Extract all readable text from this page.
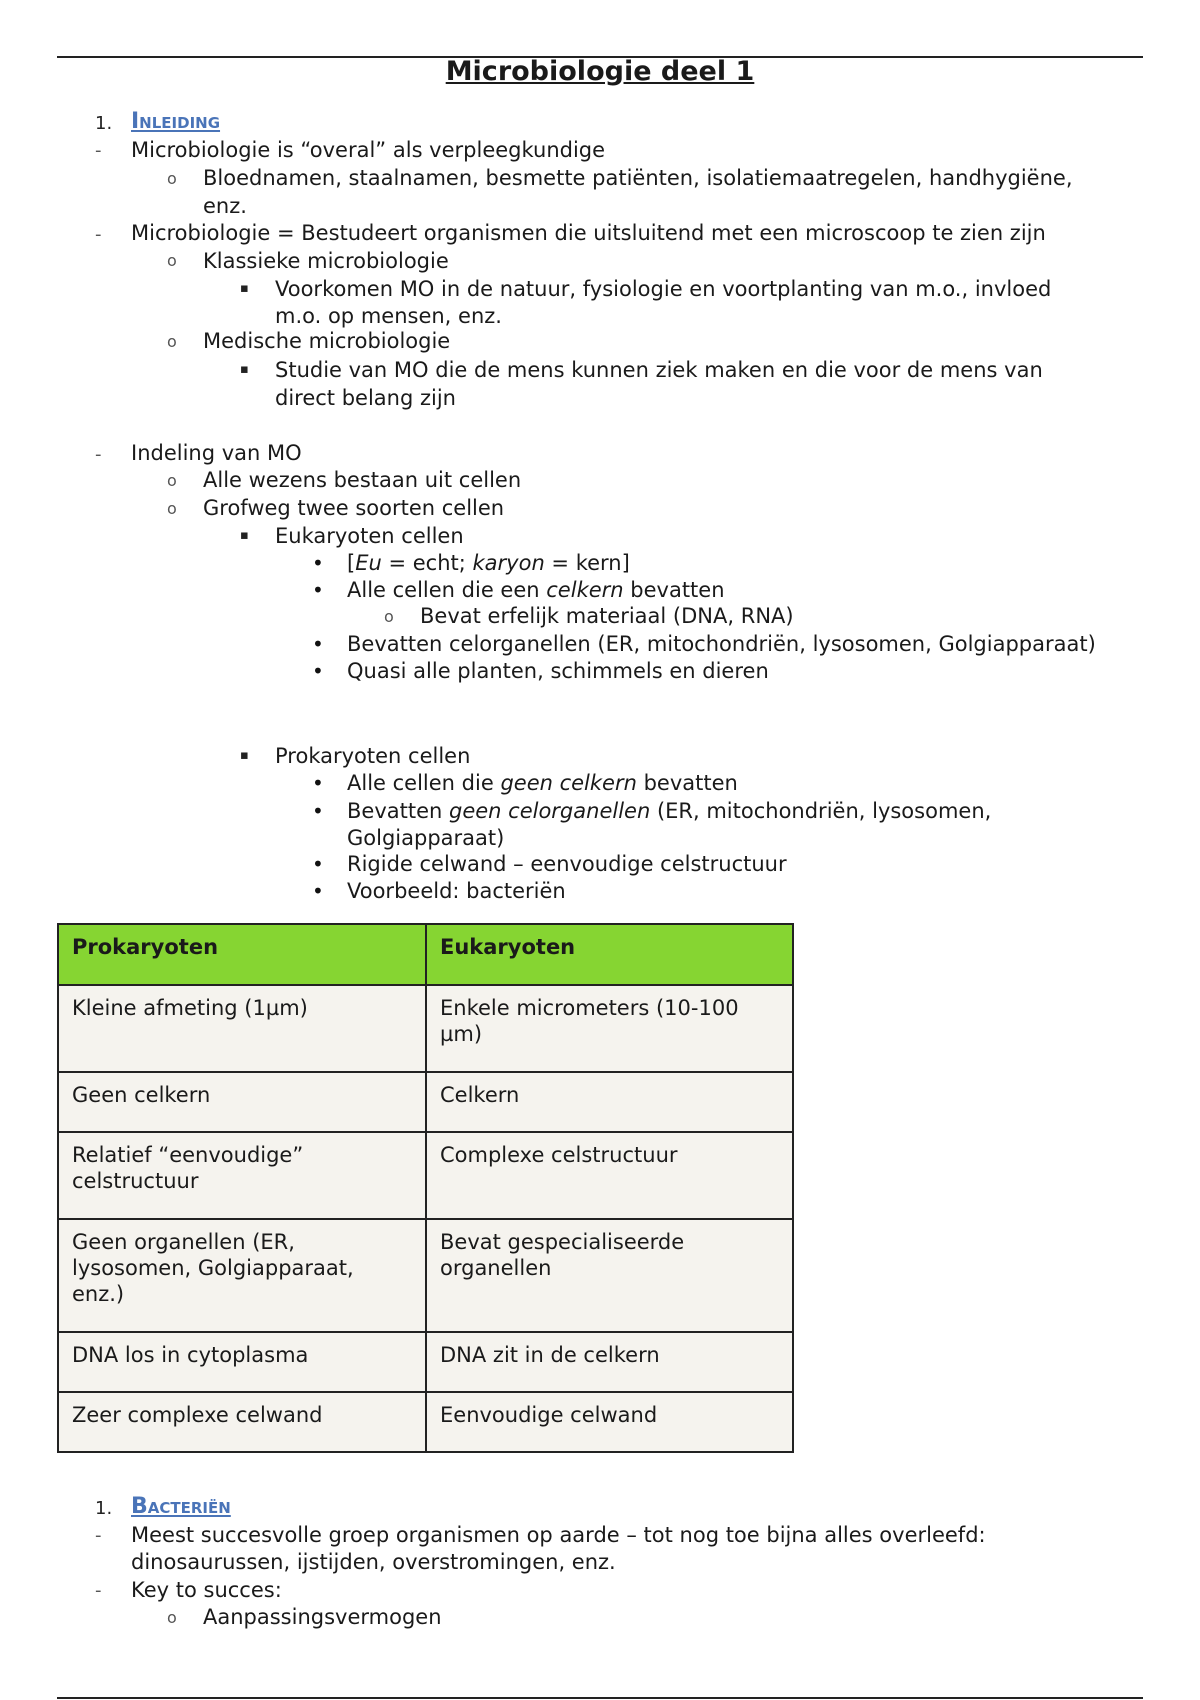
Microbiologie deel 1
1. Inleiding
- Microbiologie is “overal” als verpleegkundige
o Bloednamen, staalnamen, besmette patiënten, isolatiemaatregelen, handhygiëne,
enz.
- Microbiologie = Bestudeert organismen die uitsluitend met een microscoop te zien zijn
o Klassieke microbiologie
▪ Voorkomen MO in de natuur, fysiologie en voortplanting van m.o., invloed
m.o. op mensen, enz.
o Medische microbiologie
▪ Studie van MO die de mens kunnen ziek maken en die voor de mens van
direct belang zijn
- Indeling van MO
o Alle wezens bestaan uit cellen
o Grofweg twee soorten cellen
▪ Eukaryoten cellen
• [Eu = echt; karyon = kern]
• Alle cellen die een celkern bevatten
o Bevat erfelijk materiaal (DNA, RNA)
• Bevatten celorganellen (ER, mitochondriën, lysosomen, Golgiapparaat)
• Quasi alle planten, schimmels en dieren
▪ Prokaryoten cellen
• Alle cellen die geen celkern bevatten
• Bevatten geen celorganellen (ER, mitochondriën, lysosomen,
Golgiapparaat)
• Rigide celwand – eenvoudige celstructuur
• Voorbeeld: bacteriën
Prokaryoten	Eukaryoten
Kleine afmeting (1µm)	Enkele micrometers (10-100 µm)
Geen celkern	Celkern
Relatief “eenvoudige” celstructuur	Complexe celstructuur
Geen organellen (ER, lysosomen, Golgiapparaat, enz.)	Bevat gespecialiseerde organellen
DNA los in cytoplasma	DNA zit in de celkern
Zeer complexe celwand	Eenvoudige celwand
1. Bacteriën
- Meest succesvolle groep organismen op aarde – tot nog toe bijna alles overleefd:
dinosaurussen, ijstijden, overstromingen, enz.
- Key to succes:
o Aanpassingsvermogen
